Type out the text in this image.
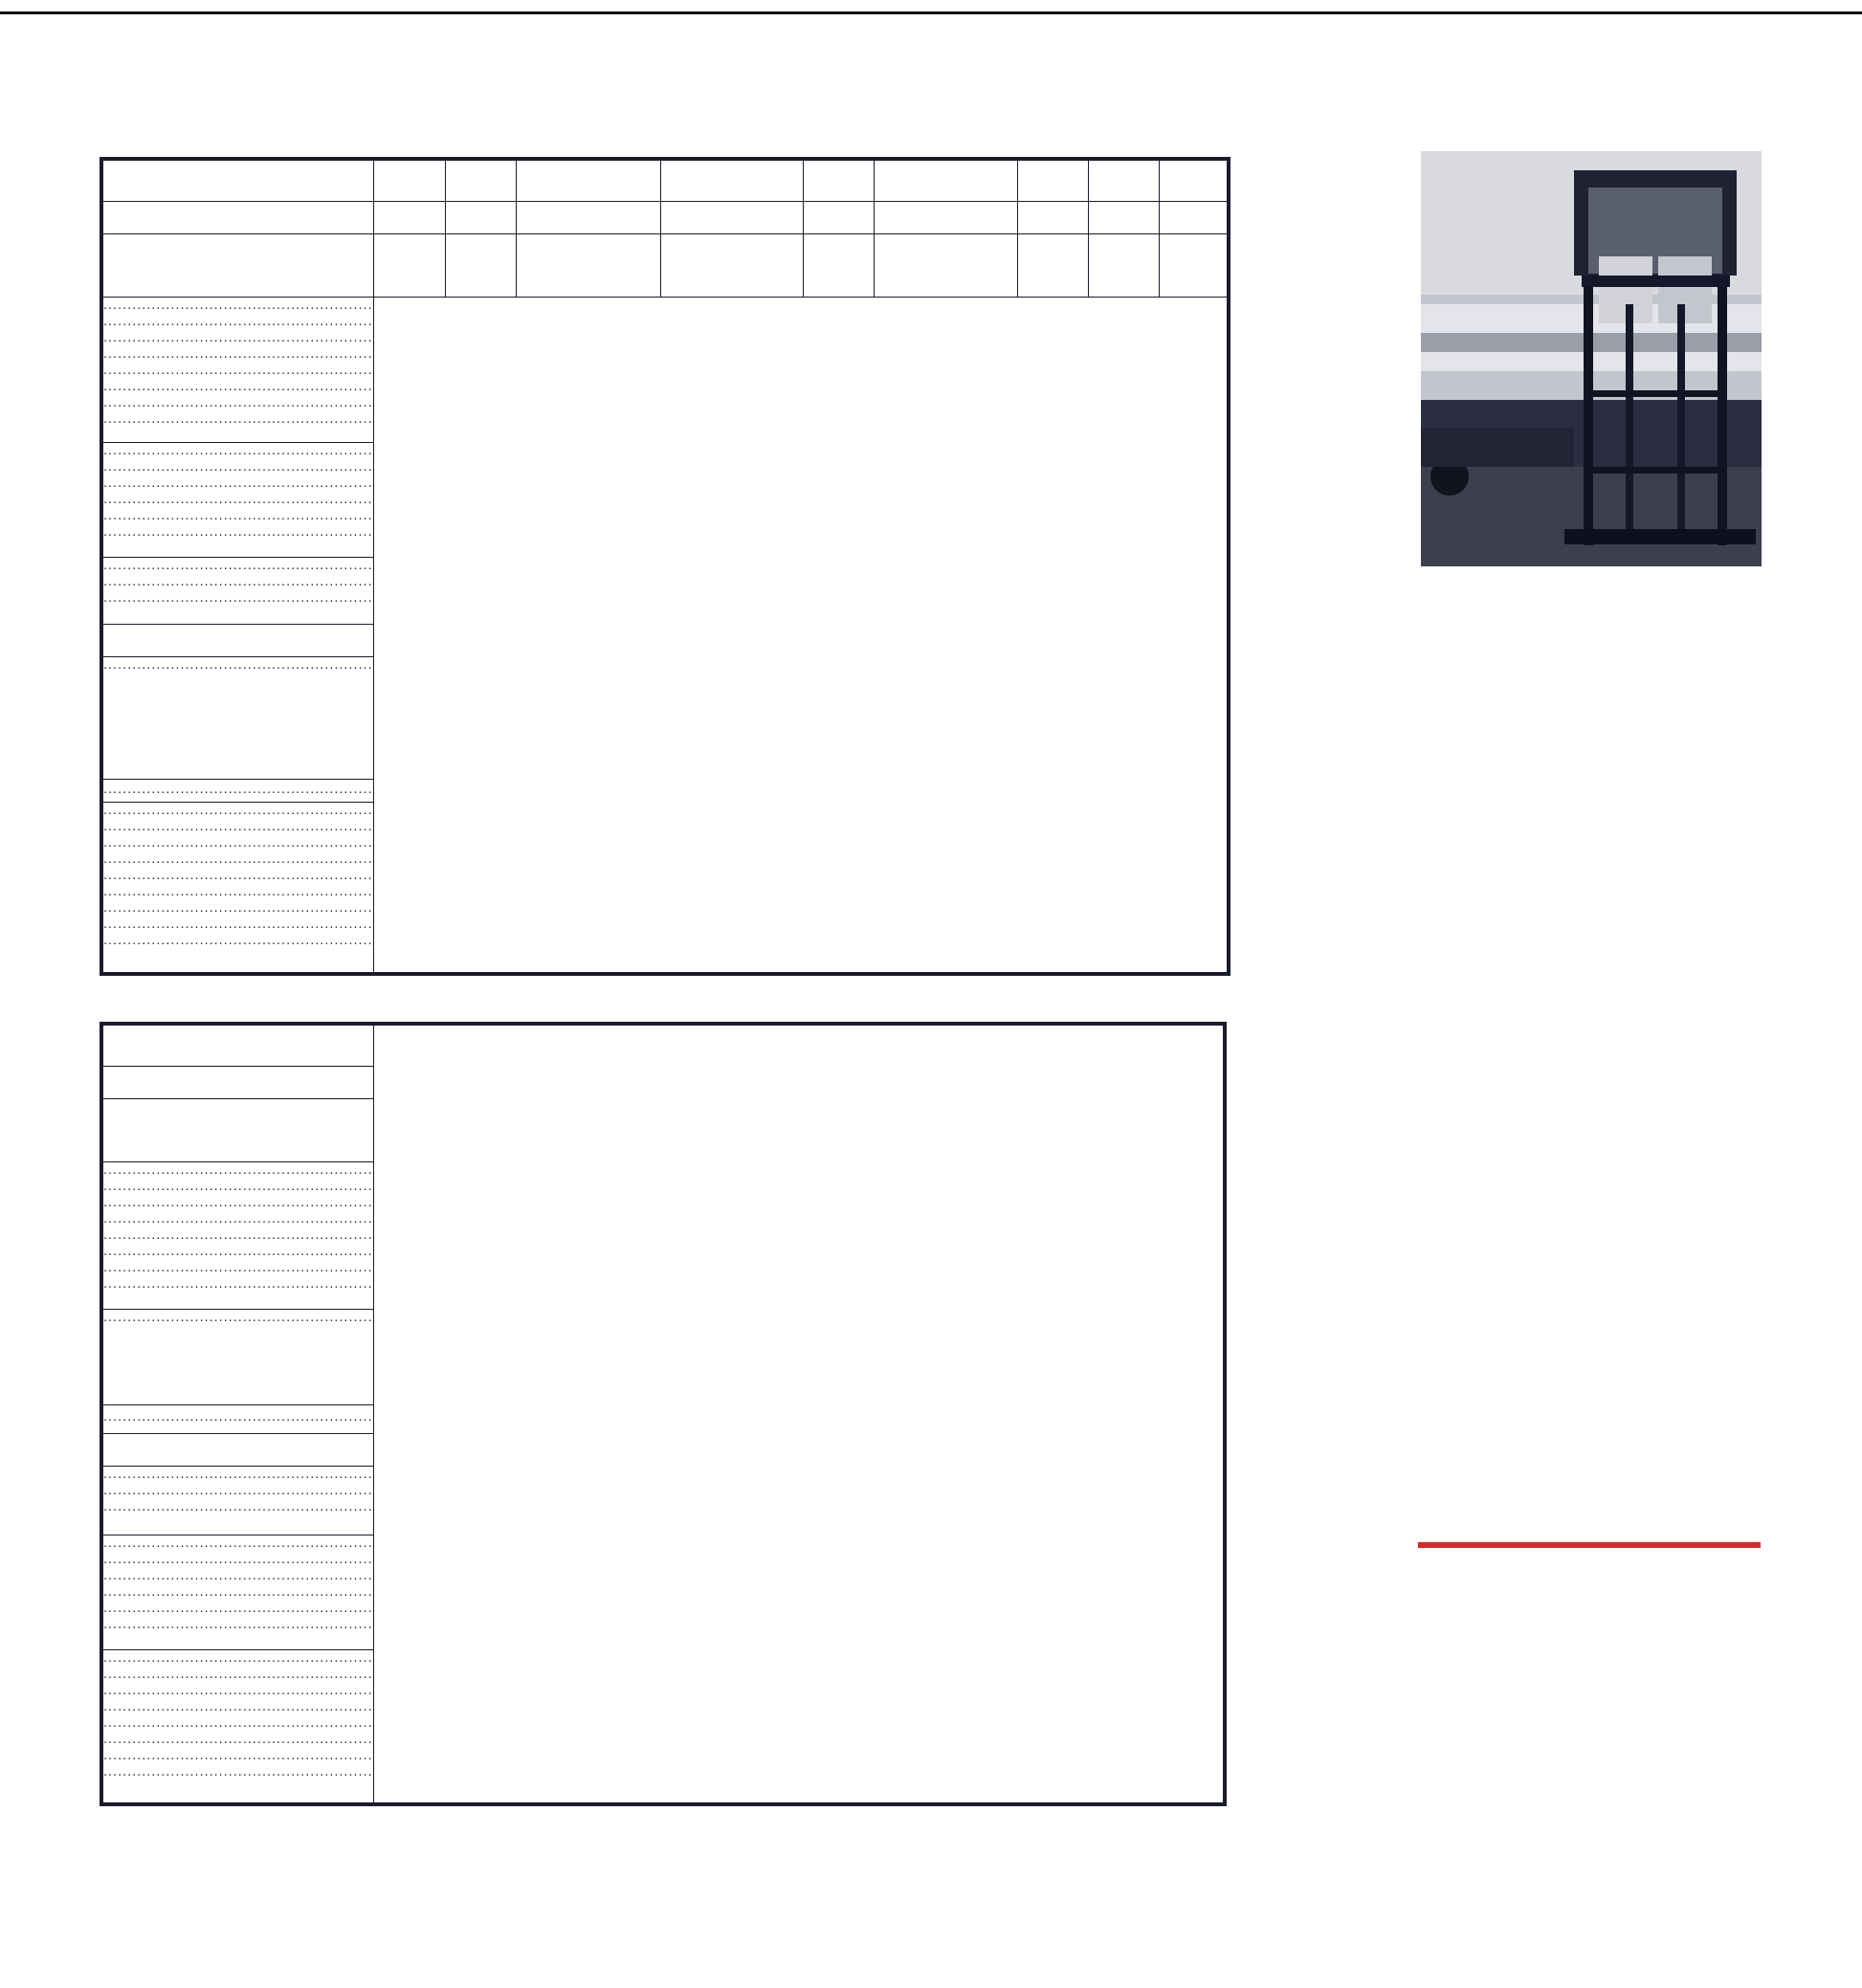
.....
.....
.....
.....
.....
.....
.....
.....

.....
.....
.....
.....
.....
.....

.....
.....
.....

.....

.....

.....
.....
.....
.....
.....
.....
.....
.....
.....

.....
.....
.....
.....
.....
.....
.....
.....

.....

.....

.....
.....
.....

.....
.....
.....
.....
.....
.....

.....
.....
.....
.....
.....
.....
.....
.....
